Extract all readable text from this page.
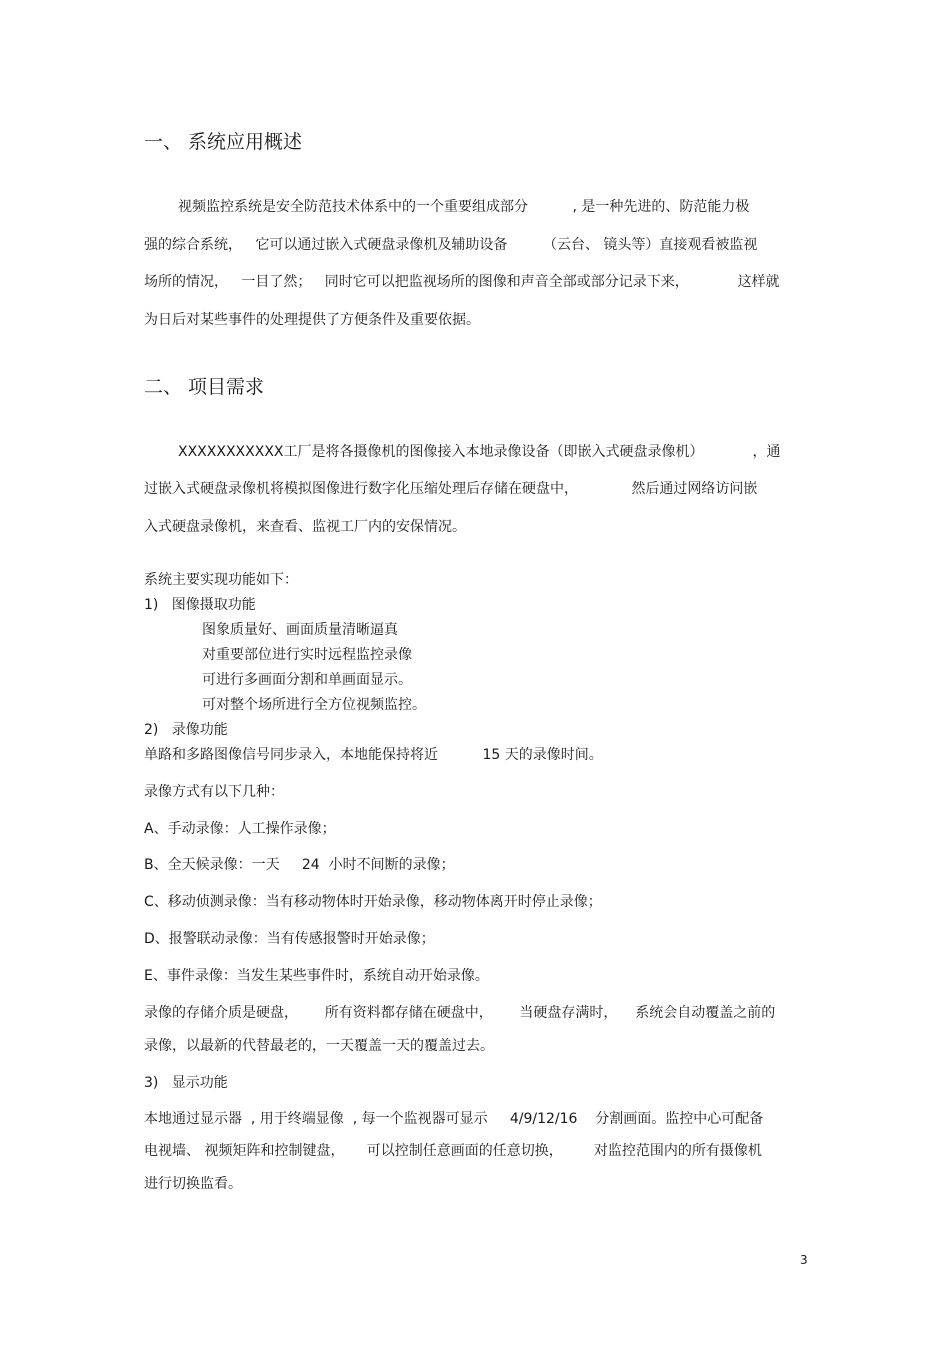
一、 系统应用概述
视频监控系统是安全防范技术体系中的一个重要组成部分          , 是一种先进的、防范能力极
强的综合系统，   它可以通过嵌入式硬盘录像机及辅助设备        （云台、 镜头等）直接观看被监视
场所的情况，   一目了然；   同时它可以把监视场所的图像和声音全部或部分记录下来，           这样就
为日后对某些事件的处理提供了方便条件及重要依据。
二、 项目需求
XXXXXXXXXXX工厂是将各摄像机的图像接入本地录像设备（即嵌入式硬盘录像机）           ，通
过嵌入式硬盘录像机将模拟图像进行数字化压缩处理后存储在硬盘中，            然后通过网络访问嵌
入式硬盘录像机，来查看、监视工厂内的安保情况。
系统主要实现功能如下：
1)   图像摄取功能
图象质量好、画面质量清晰逼真
对重要部位进行实时远程监控录像
可进行多画面分割和单画面显示。
可对整个场所进行全方位视频监控。
2)   录像功能
单路和多路图像信号同步录入，本地能保持将近          15 天的录像时间。
录像方式有以下几种：
A、手动录像：人工操作录像；
B、全天候录像：一天     24  小时不间断的录像；
C、移动侦测录像：当有移动物体时开始录像，移动物体离开时停止录像；
D、报警联动录像：当有传感报警时开始录像；
E、事件录像：当发生某些事件时，系统自动开始录像。
录像的存储介质是硬盘，      所有资料都存储在硬盘中，      当硬盘存满时，    系统会自动覆盖之前的
录像，以最新的代替最老的，一天覆盖一天的覆盖过去。
3)   显示功能
本地通过显示器  , 用于终端显像  , 每一个监视器可显示     4/9/12/16    分割画面。监控中心可配备
电视墙、 视频矩阵和控制键盘，     可以控制任意画面的任意切换，       对监控范围内的所有摄像机
进行切换监看。
3
